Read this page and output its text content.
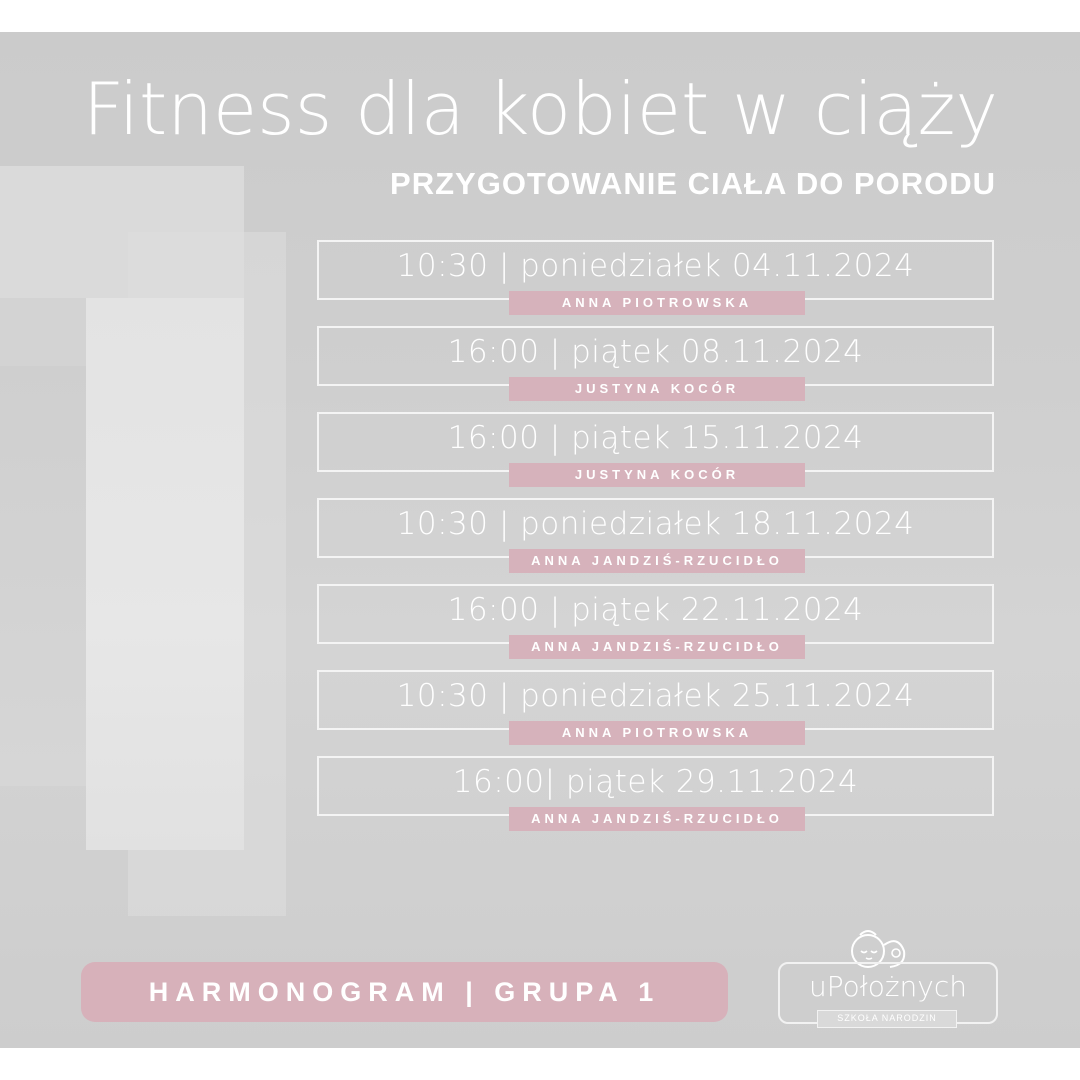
Fitness dla kobiet w ciąży
PRZYGOTOWANIE CIAŁA DO PORODU
10:30 | poniedziałek 04.11.2024
ANNA PIOTROWSKA
16:00 | piątek 08.11.2024
JUSTYNA KOCÓR
16:00 | piątek 15.11.2024
JUSTYNA KOCÓR
10:30 | poniedziałek 18.11.2024
ANNA JANDZIŚ-RZUCIDŁO
16:00 | piątek 22.11.2024
ANNA JANDZIŚ-RZUCIDŁO
10:30 | poniedziałek 25.11.2024
ANNA PIOTROWSKA
16:00| piątek 29.11.2024
ANNA JANDZIŚ-RZUCIDŁO
HARMONOGRAM | GRUPA 1	uPołożnych
SZKOŁA NARODZIN
